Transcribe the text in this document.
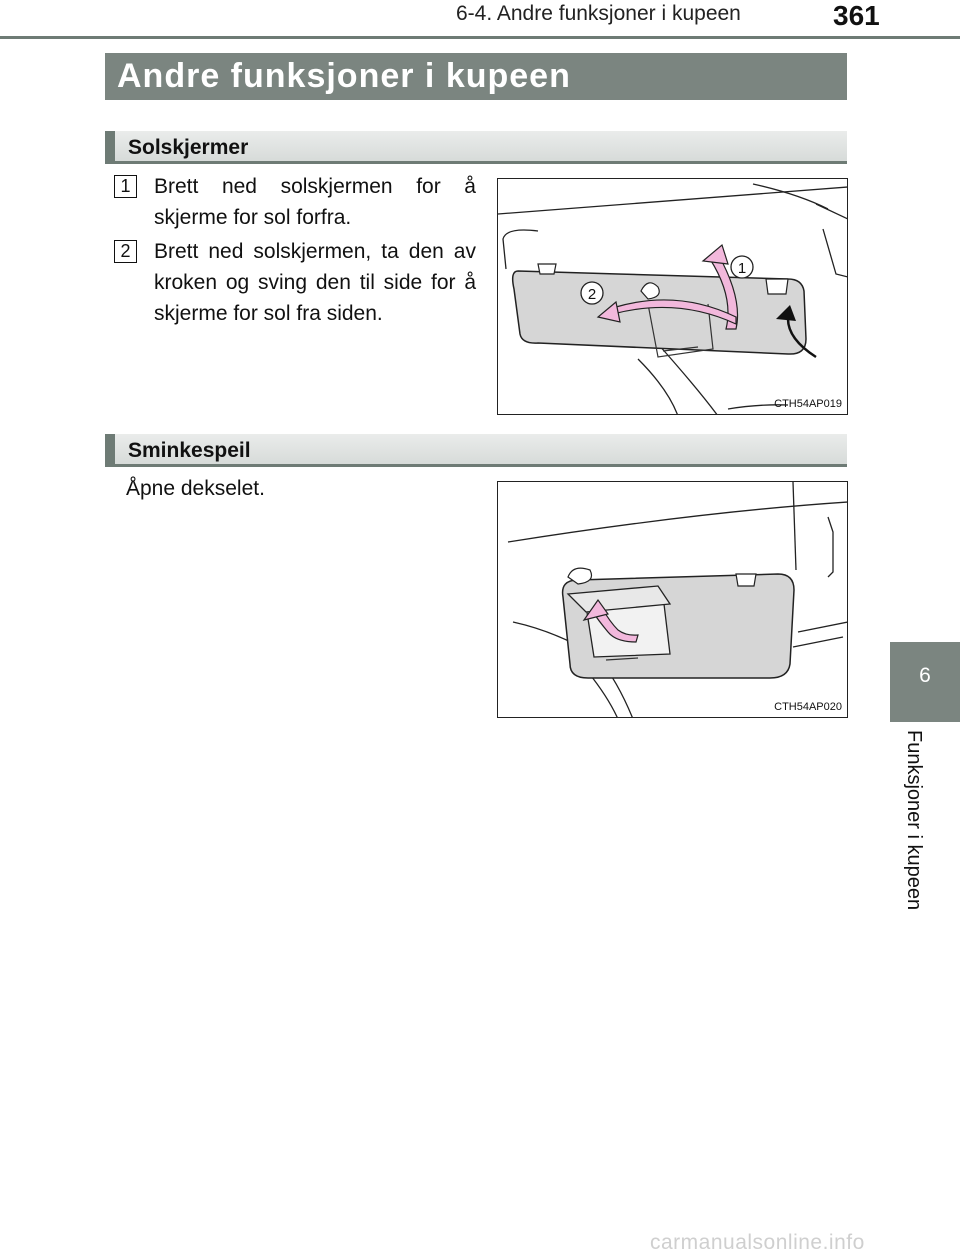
6-4. Andre funksjoner i kupeen	361
Andre funksjoner i kupeen
Solskjermer
1	Brett ned solskjermen for å skjerme for sol forfra.
2	Brett ned solskjermen, ta den av kroken og sving den til side for å skjerme for sol fra siden.
1
2
CTH54AP019
Sminkespeil
Åpne dekselet.
CTH54AP020
6
Funksjoner i kupeen
carmanualsonline.info
